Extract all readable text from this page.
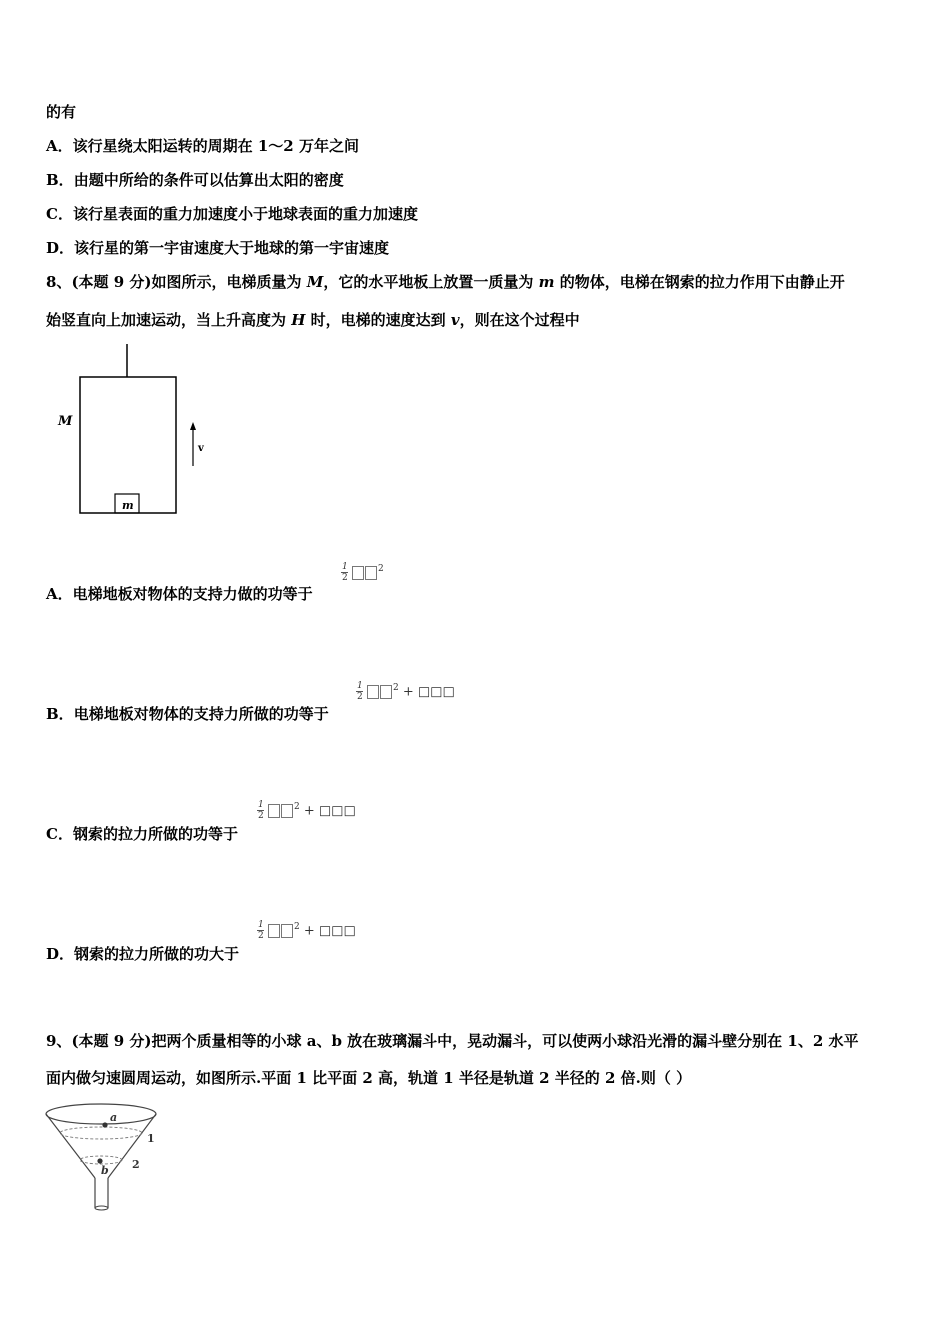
的有
A．该行星绕太阳运转的周期在 1～2 万年之间
B．由题中所给的条件可以估算出太阳的密度
C．该行星表面的重力加速度小于地球表面的重力加速度
D．该行星的第一宇宙速度大于地球的第一宇宙速度
8、(本题 9 分)如图所示，电梯质量为 M，它的水平地板上放置一质量为 m 的物体，电梯在钢索的拉力作用下由静止开
始竖直向上加速运动，当上升高度为 H 时，电梯的速度达到 v，则在这个过程中
m
M
v
A．电梯地板对物体的支持力做的功等于
1
2
$^2$
B．电梯地板对物体的支持力所做的功等于
1
2
$^2$ + □□□
C．钢索的拉力所做的功等于
1
2
$^2$ + □□□
D．钢索的拉力所做的功大于
1
2
$^2$ + □□□
9、(本题 9 分)把两个质量相等的小球 a、b 放在玻璃漏斗中，晃动漏斗，可以使两小球沿光滑的漏斗壁分别在 1、2 水平
面内做匀速圆周运动，如图所示.平面 1 比平面 2 高，轨道 1 半径是轨道 2 半径的 2 倍.则（ ）
a
b
1
2
